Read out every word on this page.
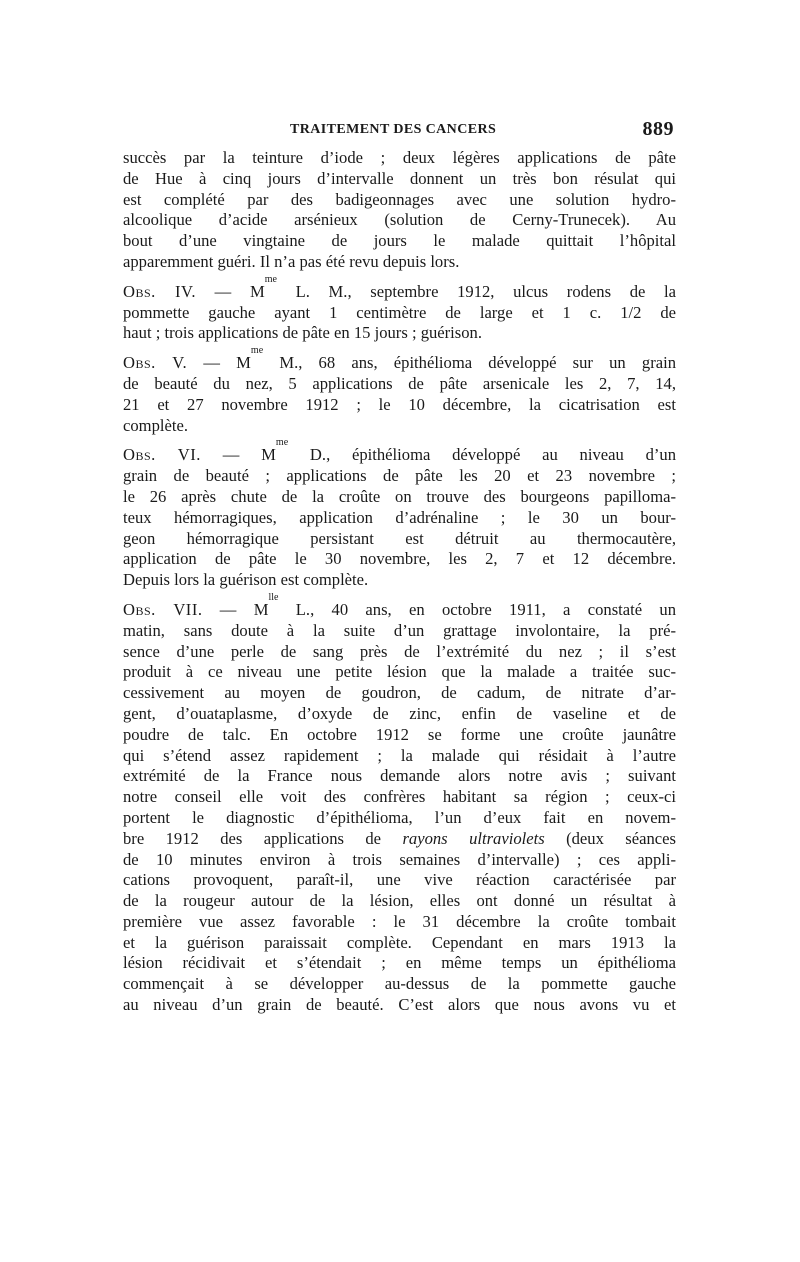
TRAITEMENT DES CANCERS	889
succès par la teinture d’iode ; deux légères applications de pâte
de Hue à cinq jours d’intervalle donnent un très bon résulat qui
est complété par des badigeonnages avec une solution hydro-
alcoolique d’acide arsénieux (solution de Cerny-Trunecek). Au
bout d’une vingtaine de jours le malade quittait l’hôpital
apparemment guéri. Il n’a pas été revu depuis lors.
Obs. IV. — $M^{me}$ L. M., septembre 1912, ulcus rodens de la
pommette gauche ayant 1 centimètre de large et 1 c. 1/2 de
haut ; trois applications de pâte en 15 jours ; guérison.
Obs. V. — $M^{me}$ M., 68 ans, épithélioma développé sur un grain
de beauté du nez, 5 applications de pâte arsenicale les 2, 7, 14,
21 et 27 novembre 1912 ; le 10 décembre, la cicatrisation est
complète.
Obs. VI. — $M^{me}$ D., épithélioma développé au niveau d’un
grain de beauté ; applications de pâte les 20 et 23 novembre ;
le 26 après chute de la croûte on trouve des bourgeons papilloma-
teux hémorragiques, application d’adrénaline ; le 30 un bour-
geon hémorragique persistant est détruit au thermocautère,
application de pâte le 30 novembre, les 2, 7 et 12 décembre.
Depuis lors la guérison est complète.
Obs. VII. — $M^{lle}$ L., 40 ans, en octobre 1911, a constaté un
matin, sans doute à la suite d’un grattage involontaire, la pré-
sence d’une perle de sang près de l’extrémité du nez ; il s’est
produit à ce niveau une petite lésion que la malade a traitée suc-
cessivement au moyen de goudron, de cadum, de nitrate d’ar-
gent, d’ouataplasme, d’oxyde de zinc, enfin de vaseline et de
poudre de talc. En octobre 1912 se forme une croûte jaunâtre
qui s’étend assez rapidement ; la malade qui résidait à l’autre
extrémité de la France nous demande alors notre avis ; suivant
notre conseil elle voit des confrères habitant sa région ; ceux-ci
portent le diagnostic d’épithélioma, l’un d’eux fait en novem-
bre 1912 des applications de rayons ultraviolets (deux séances
de 10 minutes environ à trois semaines d’intervalle) ; ces appli-
cations provoquent, paraît-il, une vive réaction caractérisée par
de la rougeur autour de la lésion, elles ont donné un résultat à
première vue assez favorable : le 31 décembre la croûte tombait
et la guérison paraissait complète. Cependant en mars 1913 la
lésion récidivait et s’étendait ; en même temps un épithélioma
commençait à se développer au-dessus de la pommette gauche
au niveau d’un grain de beauté. C’est alors que nous avons vu et
